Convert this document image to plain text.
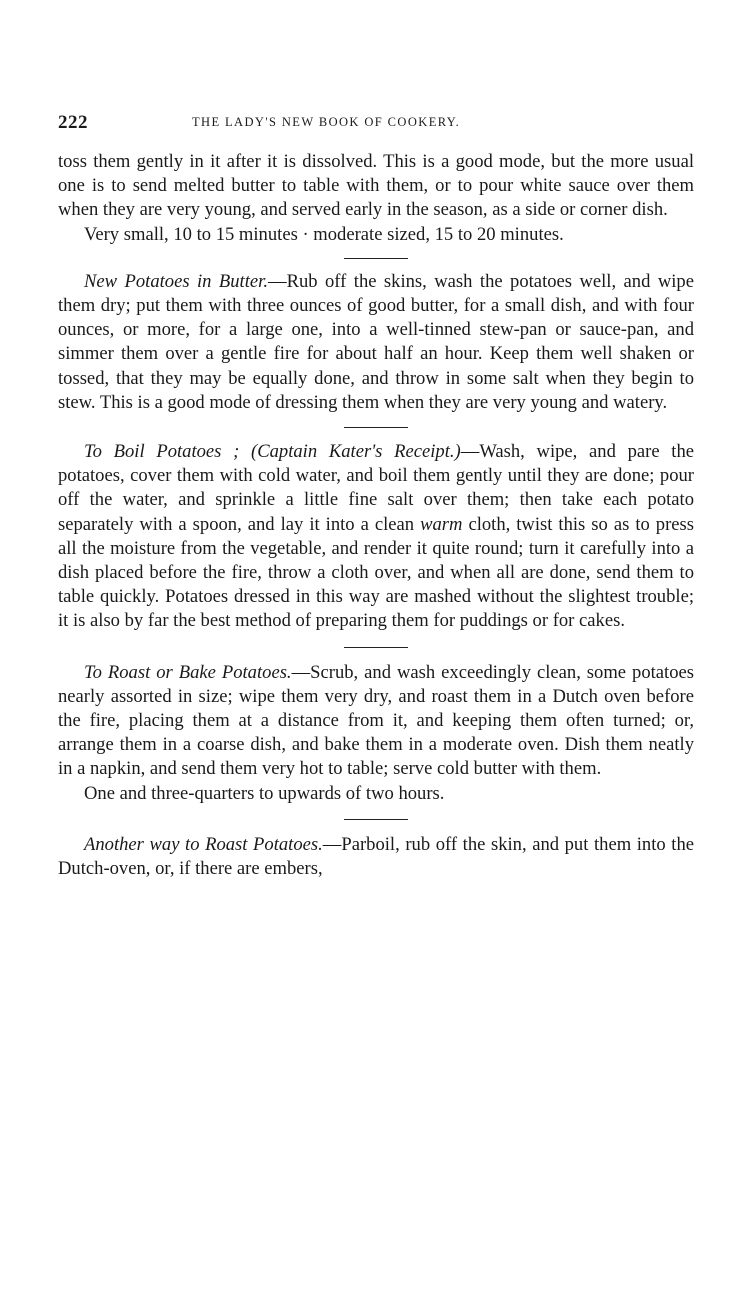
222	THE LADY'S NEW BOOK OF COOKERY.

toss them gently in it after it is dissolved. This is a good mode, but the more usual one is to send melted butter to table with them, or to pour white sauce over them when they are very young, and served early in the season, as a side or corner dish.

Very small, 10 to 15 minutes · moderate sized, 15 to 20 minutes.

New Potatoes in Butter.—Rub off the skins, wash the potatoes well, and wipe them dry; put them with three ounces of good butter, for a small dish, and with four ounces, or more, for a large one, into a well-tinned stew-pan or sauce-pan, and simmer them over a gentle fire for about half an hour. Keep them well shaken or tossed, that they may be equally done, and throw in some salt when they begin to stew. This is a good mode of dressing them when they are very young and watery.

To Boil Potatoes ; (Captain Kater's Receipt.)—Wash, wipe, and pare the potatoes, cover them with cold water, and boil them gently until they are done; pour off the water, and sprinkle a little fine salt over them; then take each potato separately with a spoon, and lay it into a clean warm cloth, twist this so as to press all the moisture from the vegetable, and render it quite round; turn it carefully into a dish placed before the fire, throw a cloth over, and when all are done, send them to table quickly. Potatoes dressed in this way are mashed without the slightest trouble; it is also by far the best method of preparing them for puddings or for cakes.

To Roast or Bake Potatoes.—Scrub, and wash exceedingly clean, some potatoes nearly assorted in size; wipe them very dry, and roast them in a Dutch oven before the fire, placing them at a distance from it, and keeping them often turned; or, arrange them in a coarse dish, and bake them in a moderate oven. Dish them neatly in a napkin, and send them very hot to table; serve cold butter with them.

One and three-quarters to upwards of two hours.

Another way to Roast Potatoes.—Parboil, rub off the skin, and put them into the Dutch-oven, or, if there are embers,
